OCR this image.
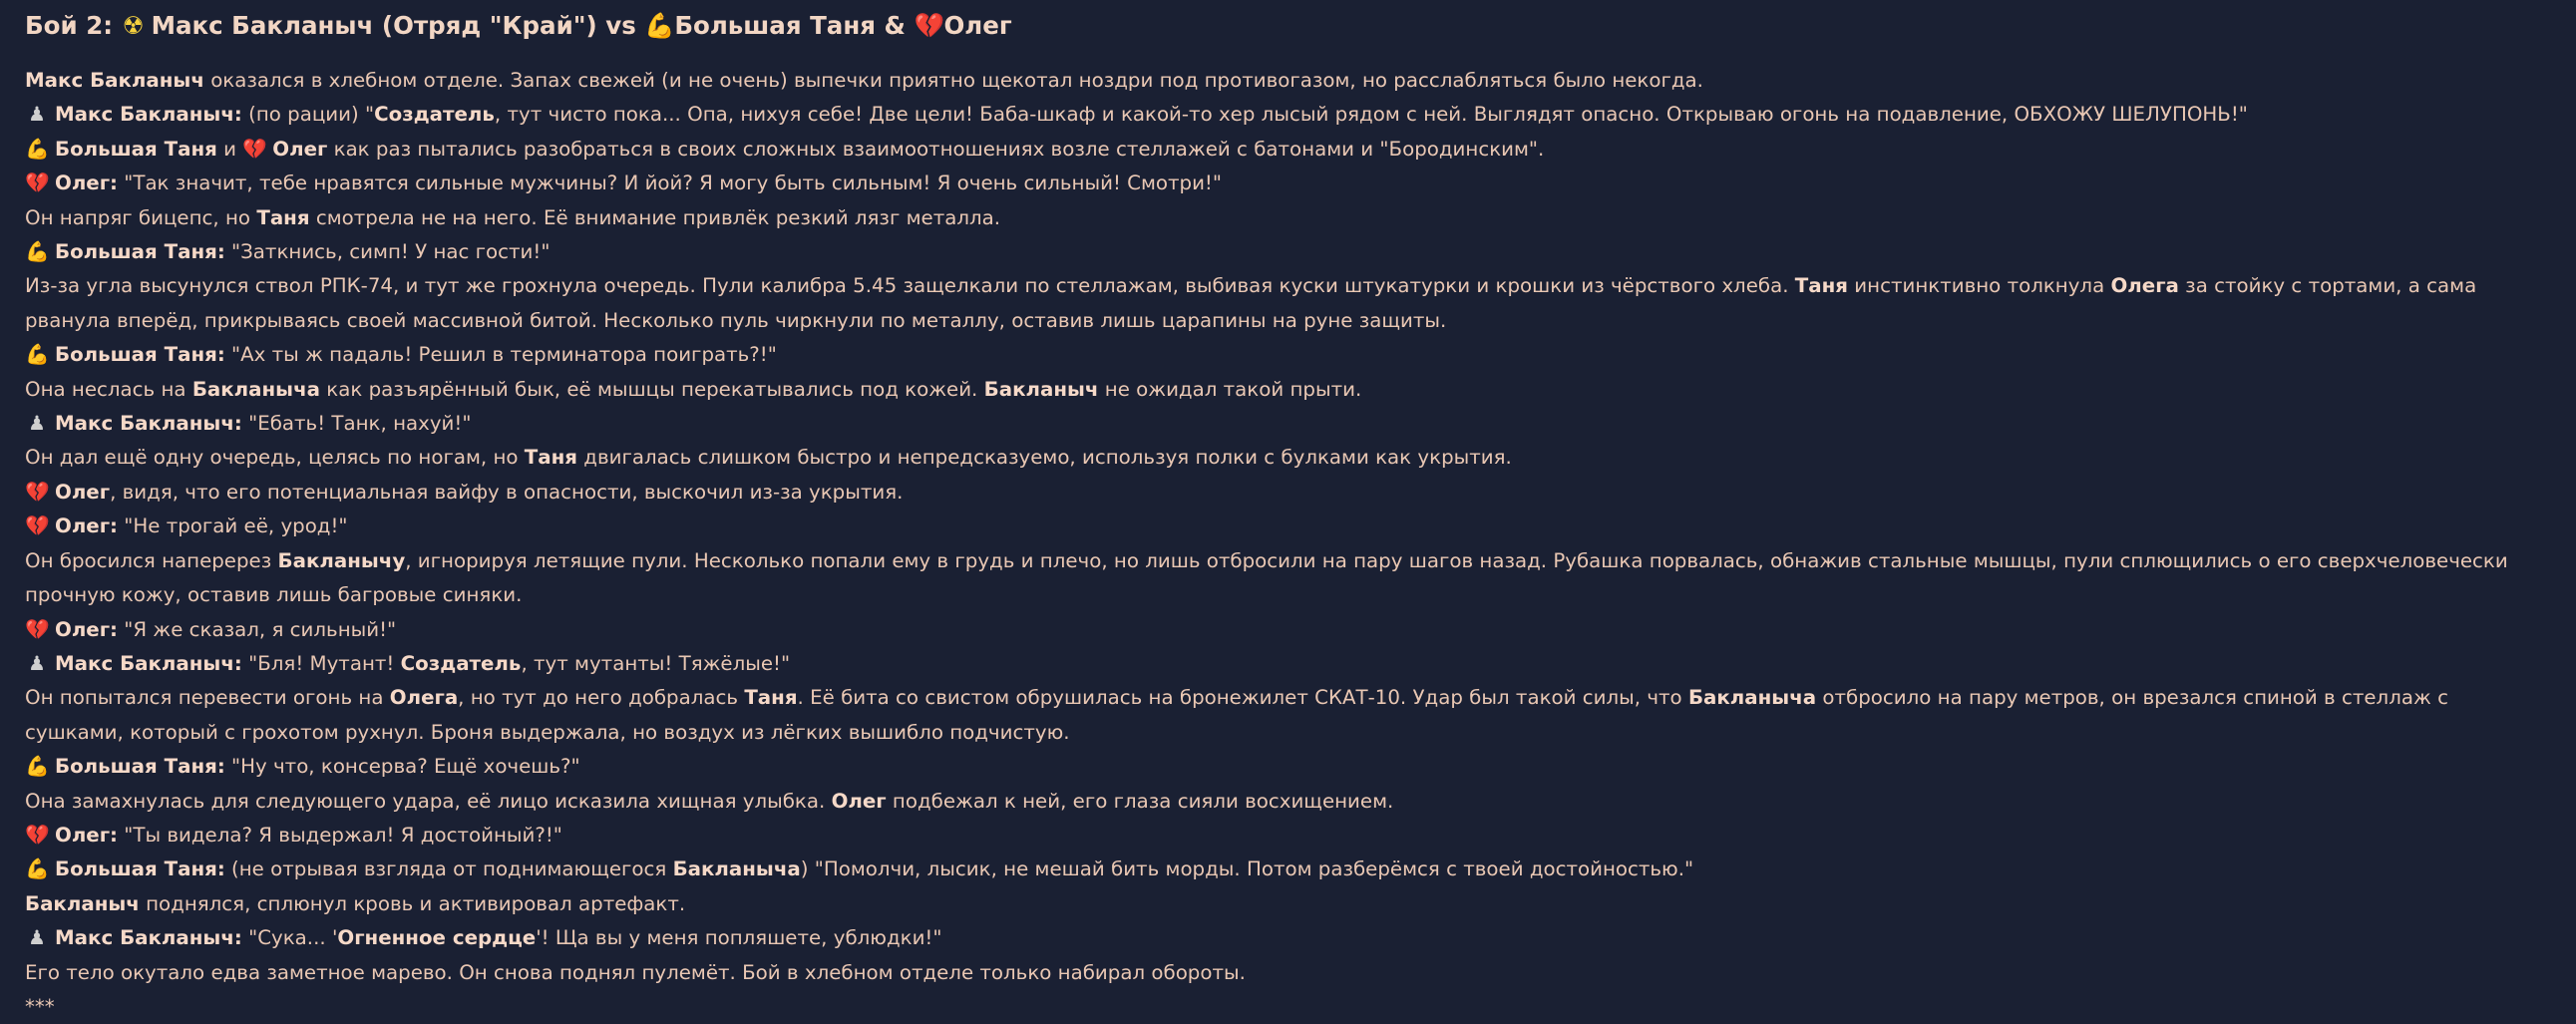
Бой 2: ☢ Макс Бакланыч (Отряд "Край") vs 💪Большая Таня & 💔Олег

Макс Бакланыч оказался в хлебном отделе. Запах свежей (и не очень) выпечки приятно щекотал ноздри под противогазом, но расслабляться было некогда.

♟ Макс Бакланыч: (по рации) "Создатель, тут чисто пока... Опа, нихуя себе! Две цели! Баба-шкаф и какой-то хер лысый рядом с ней. Выглядят опасно. Открываю огонь на подавление, ОБХОЖУ ШЕЛУПОНЬ!"

💪 Большая Таня и 💔 Олег как раз пытались разобраться в своих сложных взаимоотношениях возле стеллажей с батонами и "Бородинским".

💔 Олег: "Так значит, тебе нравятся сильные мужчины? И йой? Я могу быть сильным! Я очень сильный! Смотри!"

Он напряг бицепс, но Таня смотрела не на него. Её внимание привлёк резкий лязг металла.

💪 Большая Таня: "Заткнись, симп! У нас гости!"

Из-за угла высунулся ствол РПК-74, и тут же грохнула очередь. Пули калибра 5.45 защелкали по стеллажам, выбивая куски штукатурки и крошки из чёрствого хлеба. Таня инстинктивно толкнула Олега за стойку с тортами, а сама рванула вперёд, прикрываясь своей массивной битой. Несколько пуль чиркнули по металлу, оставив лишь царапины на руне защиты.

💪 Большая Таня: "Ах ты ж падаль! Решил в терминатора поиграть?!"

Она неслась на Бакланыча как разъярённый бык, её мышцы перекатывались под кожей. Бакланыч не ожидал такой прыти.

♟ Макс Бакланыч: "Ебать! Танк, нахуй!"

Он дал ещё одну очередь, целясь по ногам, но Таня двигалась слишком быстро и непредсказуемо, используя полки с булками как укрытия.

💔 Олег, видя, что его потенциальная вайфу в опасности, выскочил из-за укрытия.

💔 Олег: "Не трогай её, урод!"

Он бросился наперерез Бакланычу, игнорируя летящие пули. Несколько попали ему в грудь и плечо, но лишь отбросили на пару шагов назад. Рубашка порвалась, обнажив стальные мышцы, пули сплющились о его сверхчеловечески прочную кожу, оставив лишь багровые синяки.

💔 Олег: "Я же сказал, я сильный!"

♟ Макс Бакланыч: "Бля! Мутант! Создатель, тут мутанты! Тяжёлые!"

Он попытался перевести огонь на Олега, но тут до него добралась Таня. Её бита со свистом обрушилась на бронежилет СКАТ-10. Удар был такой силы, что Бакланыча отбросило на пару метров, он врезался спиной в стеллаж с сушками, который с грохотом рухнул. Броня выдержала, но воздух из лёгких вышибло подчистую.

💪 Большая Таня: "Ну что, консерва? Ещё хочешь?"

Она замахнулась для следующего удара, её лицо исказила хищная улыбка. Олег подбежал к ней, его глаза сияли восхищением.

💔 Олег: "Ты видела? Я выдержал! Я достойный?!"

💪 Большая Таня: (не отрывая взгляда от поднимающегося Бакланыча) "Помолчи, лысик, не мешай бить морды. Потом разберёмся с твоей достойностью."

Бакланыч поднялся, сплюнул кровь и активировал артефакт.

♟ Макс Бакланыч: "Сука... 'Огненное сердце'! Ща вы у меня попляшете, ублюдки!"

Его тело окутало едва заметное марево. Он снова поднял пулемёт. Бой в хлебном отделе только набирал обороты.

***
